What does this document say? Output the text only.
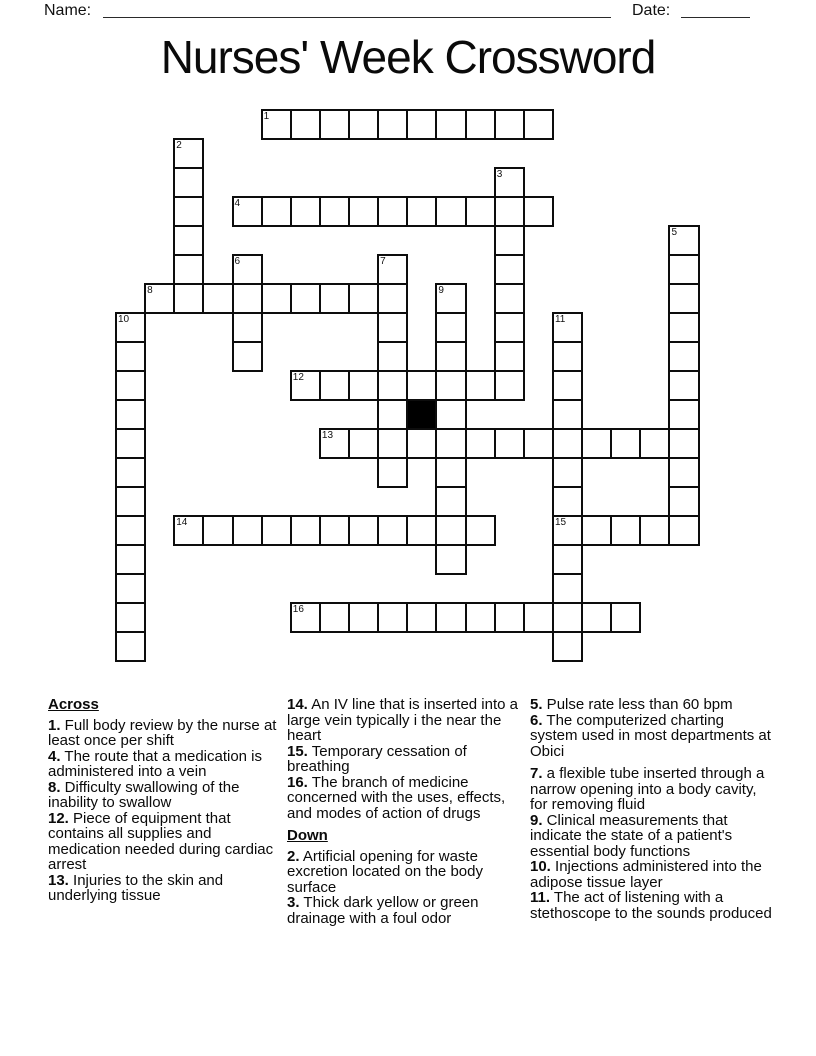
Name:	Date:
Nurses' Week Crossword
1
2
3
4
5
6	7
8	9
10	11
15
12
13
14
16
Across
1. Full body review by the nurse at least once per shift
4. The route that a medication is administered into a vein
8. Difficulty swallowing of the inability to swallow
12. Piece of equipment that contains all supplies and medication needed during cardiac arrest
13. Injuries to the skin and underlying tissue
14. An IV line that is inserted into a large vein typically i the near the heart
15. Temporary cessation of breathing
16. The branch of medicine concerned with the uses, effects, and modes of action of drugs
Down
2. Artificial opening for waste excretion located on the body surface
3. Thick dark yellow or green drainage with a foul odor
5. Pulse rate less than 60 bpm
6. The computerized charting system used in most departments at Obici
7. a flexible tube inserted through a narrow opening into a body cavity, for removing fluid
9. Clinical measurements that indicate the state of a patient's essential body functions
10. Injections administered into the adipose tissue layer
11. The act of listening with a stethoscope to the sounds produced
